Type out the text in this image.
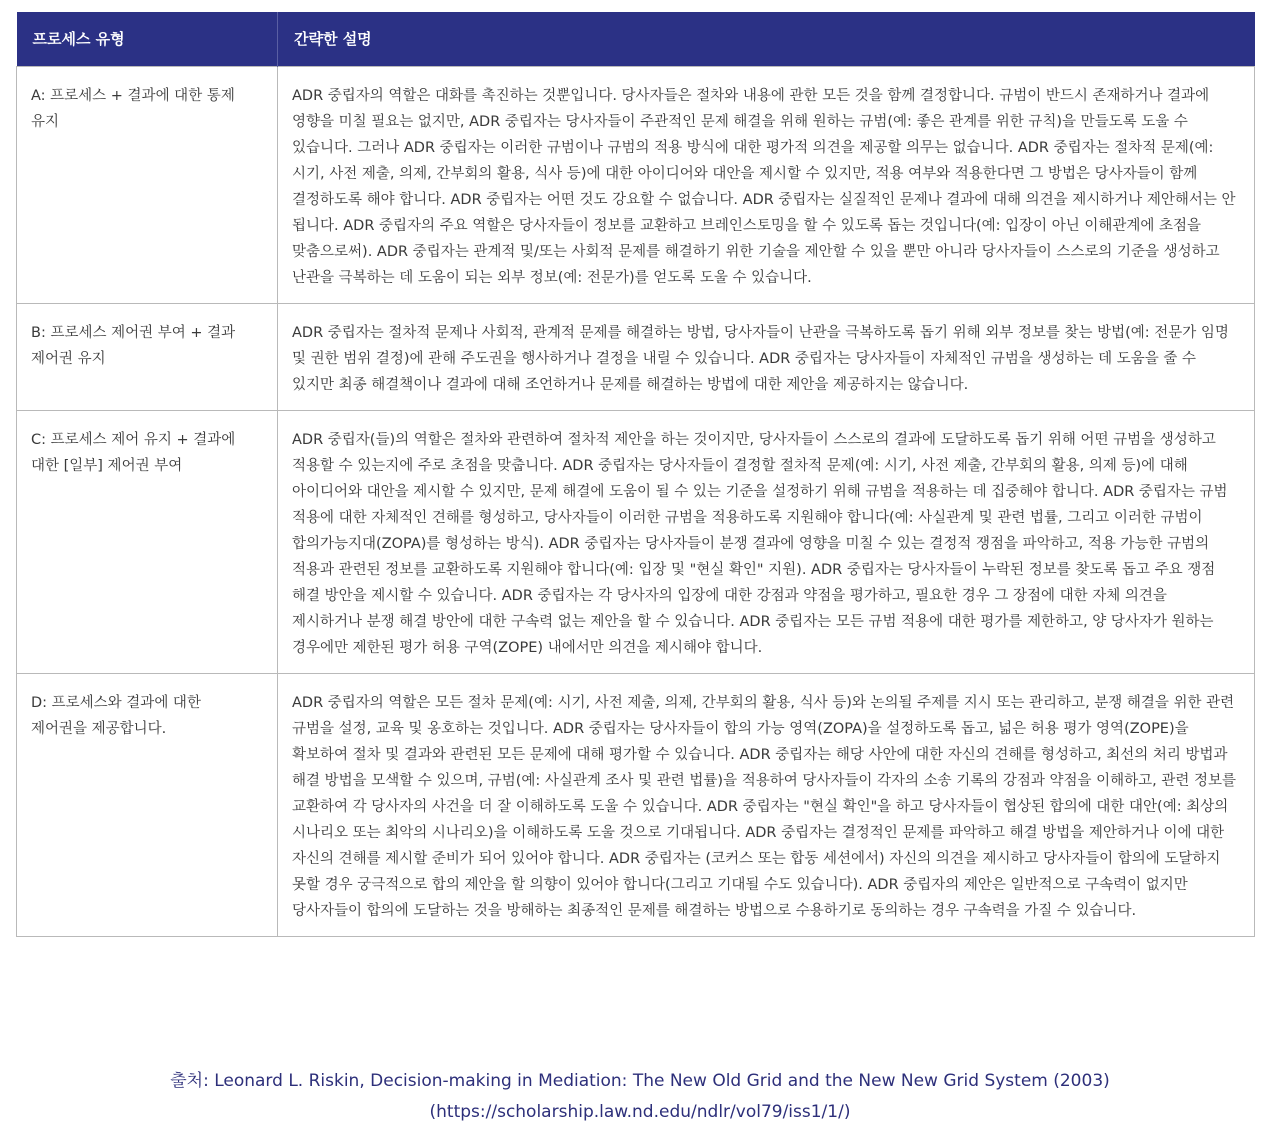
프로세스 유형	간략한 설명
A: 프로세스 + 결과에 대한 통제 유지	ADR 중립자의 역할은 대화를 촉진하는 것뿐입니다. 당사자들은 절차와 내용에 관한 모든 것을 함께 결정합니다. 규범이 반드시 존재하거나 결과에 영향을 미칠 필요는 없지만, ADR 중립자는 당사자들이 주관적인 문제 해결을 위해 원하는 규범(예: 좋은 관계를 위한 규칙)을 만들도록 도울 수 있습니다. 그러나 ADR 중립자는 이러한 규범이나 규범의 적용 방식에 대한 평가적 의견을 제공할 의무는 없습니다. ADR 중립자는 절차적 문제(예: 시기, 사전 제출, 의제, 간부회의 활용, 식사 등)에 대한 아이디어와 대안을 제시할 수 있지만, 적용 여부와 적용한다면 그 방법은 당사자들이 함께 결정하도록 해야 합니다. ADR 중립자는 어떤 것도 강요할 수 없습니다. ADR 중립자는 실질적인 문제나 결과에 대해 의견을 제시하거나 제안해서는 안 됩니다. ADR 중립자의 주요 역할은 당사자들이 정보를 교환하고 브레인스토밍을 할 수 있도록 돕는 것입니다(예: 입장이 아닌 이해관계에 초점을 맞춤으로써). ADR 중립자는 관계적 및/또는 사회적 문제를 해결하기 위한 기술을 제안할 수 있을 뿐만 아니라 당사자들이 스스로의 기준을 생성하고 난관을 극복하는 데 도움이 되는 외부 정보(예: 전문가)를 얻도록 도울 수 있습니다.
B: 프로세스 제어권 부여 + 결과 제어권 유지	ADR 중립자는 절차적 문제나 사회적, 관계적 문제를 해결하는 방법, 당사자들이 난관을 극복하도록 돕기 위해 외부 정보를 찾는 방법(예: 전문가 임명 및 권한 범위 결정)에 관해 주도권을 행사하거나 결정을 내릴 수 있습니다. ADR 중립자는 당사자들이 자체적인 규범을 생성하는 데 도움을 줄 수 있지만 최종 해결책이나 결과에 대해 조언하거나 문제를 해결하는 방법에 대한 제안을 제공하지는 않습니다.
C: 프로세스 제어 유지 + 결과에 대한 [일부] 제어권 부여	ADR 중립자(들)의 역할은 절차와 관련하여 절차적 제안을 하는 것이지만, 당사자들이 스스로의 결과에 도달하도록 돕기 위해 어떤 규범을 생성하고 적용할 수 있는지에 주로 초점을 맞춥니다. ADR 중립자는 당사자들이 결정할 절차적 문제(예: 시기, 사전 제출, 간부회의 활용, 의제 등)에 대해 아이디어와 대안을 제시할 수 있지만, 문제 해결에 도움이 될 수 있는 기준을 설정하기 위해 규범을 적용하는 데 집중해야 합니다. ADR 중립자는 규범 적용에 대한 자체적인 견해를 형성하고, 당사자들이 이러한 규범을 적용하도록 지원해야 합니다(예: 사실관계 및 관련 법률, 그리고 이러한 규범이 합의가능지대(ZOPA)를 형성하는 방식). ADR 중립자는 당사자들이 분쟁 결과에 영향을 미칠 수 있는 결정적 쟁점을 파악하고, 적용 가능한 규범의 적용과 관련된 정보를 교환하도록 지원해야 합니다(예: 입장 및 "현실 확인" 지원). ADR 중립자는 당사자들이 누락된 정보를 찾도록 돕고 주요 쟁점 해결 방안을 제시할 수 있습니다. ADR 중립자는 각 당사자의 입장에 대한 강점과 약점을 평가하고, 필요한 경우 그 장점에 대한 자체 의견을 제시하거나 분쟁 해결 방안에 대한 구속력 없는 제안을 할 수 있습니다. ADR 중립자는 모든 규범 적용에 대한 평가를 제한하고, 양 당사자가 원하는 경우에만 제한된 평가 허용 구역(ZOPE) 내에서만 의견을 제시해야 합니다.
D: 프로세스와 결과에 대한 제어권을 제공합니다.	ADR 중립자의 역할은 모든 절차 문제(예: 시기, 사전 제출, 의제, 간부회의 활용, 식사 등)와 논의될 주제를 지시 또는 관리하고, 분쟁 해결을 위한 관련 규범을 설정, 교육 및 옹호하는 것입니다. ADR 중립자는 당사자들이 합의 가능 영역(ZOPA)을 설정하도록 돕고, 넓은 허용 평가 영역(ZOPE)을 확보하여 절차 및 결과와 관련된 모든 문제에 대해 평가할 수 있습니다. ADR 중립자는 해당 사안에 대한 자신의 견해를 형성하고, 최선의 처리 방법과 해결 방법을 모색할 수 있으며, 규범(예: 사실관계 조사 및 관련 법률)을 적용하여 당사자들이 각자의 소송 기록의 강점과 약점을 이해하고, 관련 정보를 교환하여 각 당사자의 사건을 더 잘 이해하도록 도울 수 있습니다. ADR 중립자는 "현실 확인"을 하고 당사자들이 협상된 합의에 대한 대안(예: 최상의 시나리오 또는 최악의 시나리오)을 이해하도록 도울 것으로 기대됩니다. ADR 중립자는 결정적인 문제를 파악하고 해결 방법을 제안하거나 이에 대한 자신의 견해를 제시할 준비가 되어 있어야 합니다. ADR 중립자는 (코커스 또는 합동 세션에서) 자신의 의견을 제시하고 당사자들이 합의에 도달하지 못할 경우 궁극적으로 합의 제안을 할 의향이 있어야 합니다(그리고 기대될 수도 있습니다). ADR 중립자의 제안은 일반적으로 구속력이 없지만 당사자들이 합의에 도달하는 것을 방해하는 최종적인 문제를 해결하는 방법으로 수용하기로 동의하는 경우 구속력을 가질 수 있습니다.
출처: Leonard L. Riskin, Decision-making in Mediation: The New Old Grid and the New New Grid System (2003)
(https://scholarship.law.nd.edu/ndlr/vol79/iss1/1/)
